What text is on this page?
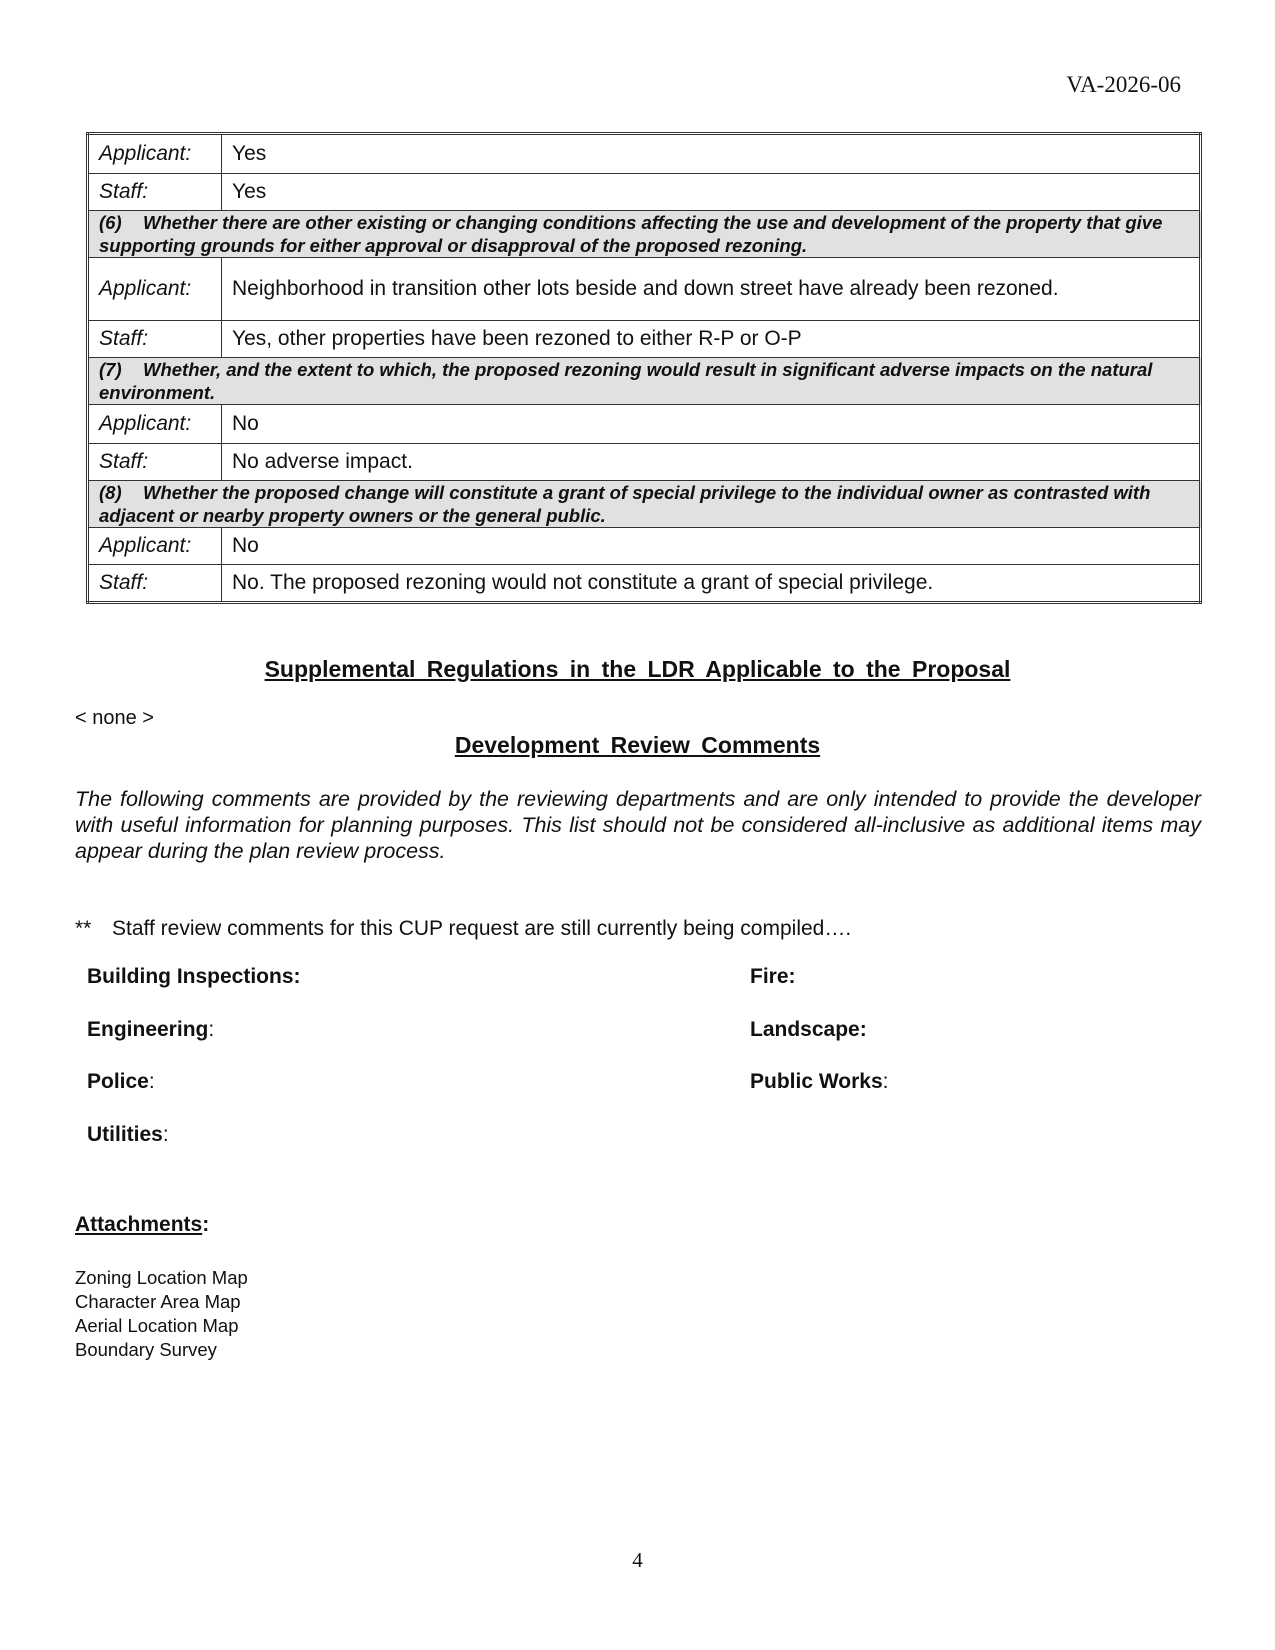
VA-2026-06
Applicant:	Yes
Staff:	Yes
(6) Whether there are other existing or changing conditions affecting the use and development of the property that give supporting grounds for either approval or disapproval of the proposed rezoning.	
Applicant:	Neighborhood in transition other lots beside and down street have already been rezoned.
Staff:	Yes, other properties have been rezoned to either R-P or O-P
(7) Whether, and the extent to which, the proposed rezoning would result in significant adverse impacts on the natural environment.	
Applicant:	No
Staff:	No adverse impact.
(8) Whether the proposed change will constitute a grant of special privilege to the individual owner as contrasted with adjacent or nearby property owners or the general public.	
Applicant:	No
Staff:	No. The proposed rezoning would not constitute a grant of special privilege.
Supplemental Regulations in the LDR Applicable to the Proposal
< none >
Development Review Comments

The following comments are provided by the reviewing departments and are only intended to provide the developer with useful information for planning purposes. This list should not be considered all-inclusive as additional items may appear during the plan review process.

** Staff review comments for this CUP request are still currently being compiled….
Building Inspections:	Fire:
Engineering:	Landscape:
Police:	Public Works:
Utilities:
Attachments:
Zoning Location Map
Character Area Map
Aerial Location Map
Boundary Survey
4
